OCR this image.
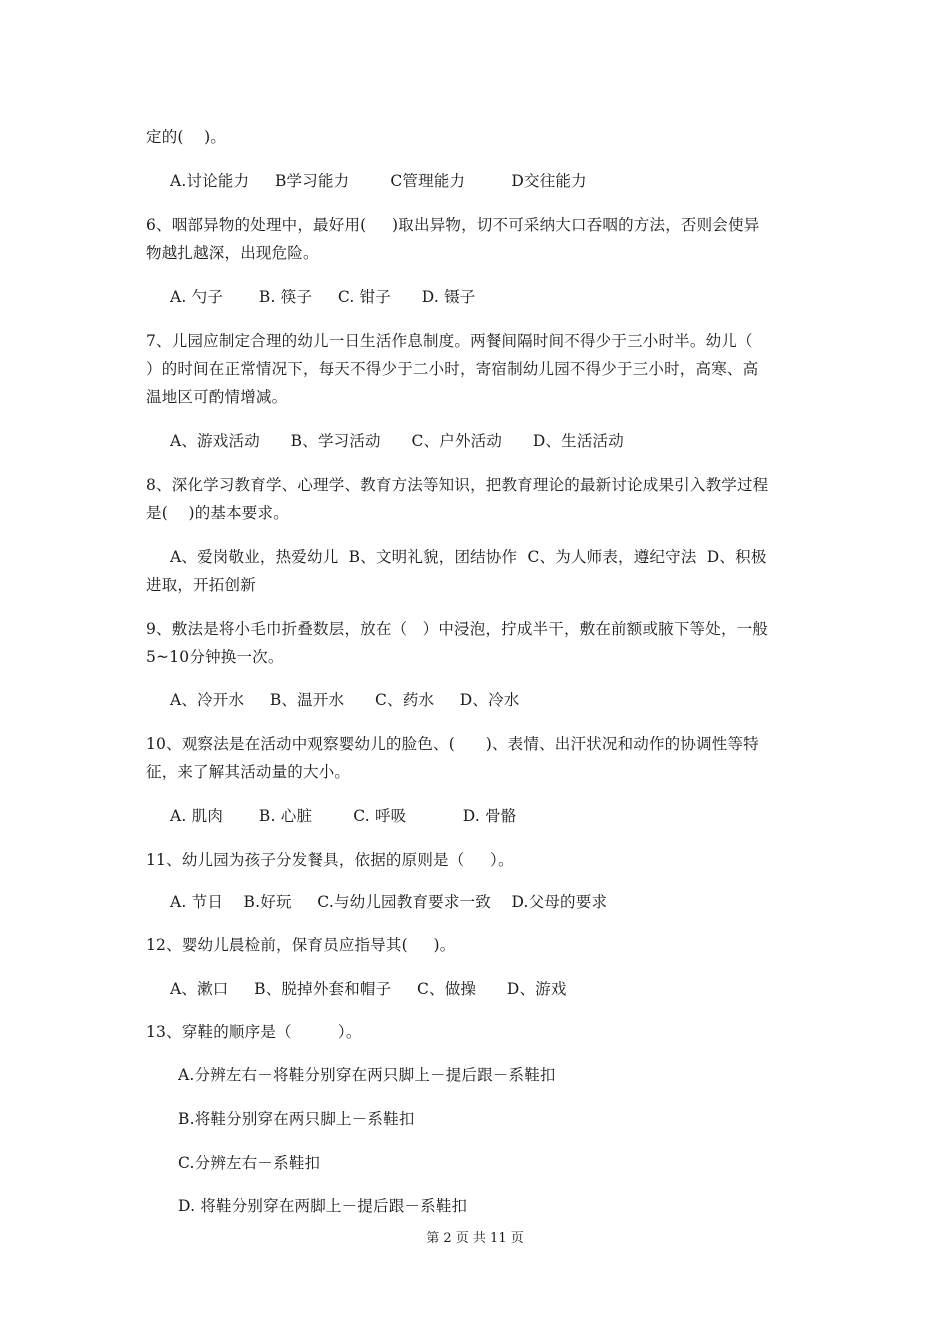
定的(    )。
A.讨论能力     B学习能力        C管理能力         D交往能力
6、咽部异物的处理中，最好用(     )取出异物，切不可采纳大口吞咽的方法，否则会使异
物越扎越深，出现危险。
A. 勺子       B. 筷子     C. 钳子      D. 镊子
7、儿园应制定合理的幼儿一日生活作息制度。两餐间隔时间不得少于三小时半。幼儿（
）的时间在正常情况下，每天不得少于二小时，寄宿制幼儿园不得少于三小时，高寒、高
温地区可酌情增减。
A、游戏活动      B、学习活动      C、户外活动      D、生活活动
8、深化学习教育学、心理学、教育方法等知识，把教育理论的最新讨论成果引入教学过程
是(    )的基本要求。
A、爱岗敬业，热爱幼儿  B、文明礼貌，团结协作  C、为人师表，遵纪守法  D、积极
进取，开拓创新
9、敷法是将小毛巾折叠数层，放在（   ）中浸泡，拧成半干，敷在前额或腋下等处，一般
5~10分钟换一次。
A、冷开水     B、温开水      C、药水     D、冷水
10、观察法是在活动中观察婴幼儿的脸色、(      )、表情、出汗状况和动作的协调性等特
征，来了解其活动量的大小。
A. 肌肉       B. 心脏        C. 呼吸           D. 骨骼
11、幼儿园为孩子分发餐具，依据的原则是（     ）。
A. 节日    B.好玩     C.与幼儿园教育要求一致    D.父母的要求
12、婴幼儿晨检前，保育员应指导其(     )。
A、漱口     B、脱掉外套和帽子     C、做操      D、游戏
13、穿鞋的顺序是（         ）。
A.分辨左右－将鞋分别穿在两只脚上－提后跟－系鞋扣
B.将鞋分别穿在两只脚上－系鞋扣
C.分辨左右－系鞋扣
D. 将鞋分别穿在两脚上－提后跟－系鞋扣
第 2 页 共 11 页
